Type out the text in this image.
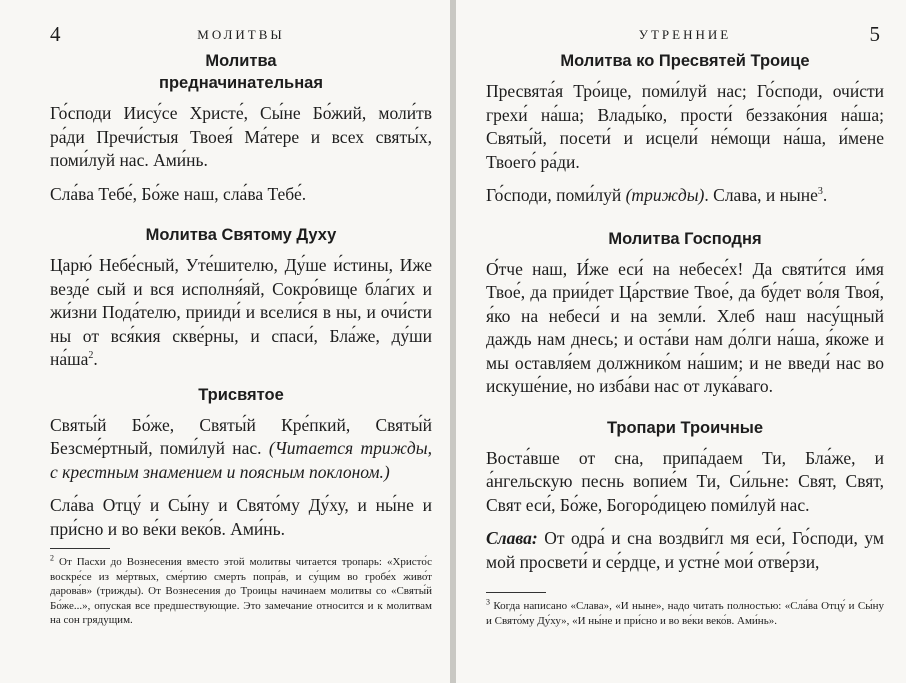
4	МОЛИТВЫ
Молитва
предначинательная

Го́споди Иису́се Христе́, Сы́не Бо́жий, моли́тв ра́ди Пречи́стыя Твоея́ Ма́тере и всех святы́х, поми́луй нас. Ами́нь.

Сла́ва Тебе́, Бо́же наш, сла́ва Тебе́.

Молитва Святому Духу

Царю́ Небе́сный, Уте́шителю, Ду́ше и́стины, Иже везде́ сый и вся исполня́яй, Сокро́вище бла́гих и жи́зни Пода́телю, прииди́ и всели́ся в ны, и очи́сти ны от вся́кия скве́рны, и спаси́, Бла́же, ду́ши $на́ша^2$.

Трисвятое

Святы́й Бо́же, Святы́й Кре́пкий, Святы́й Безсме́ртный, поми́луй нас. (Читается трижды, с крестным знамением и поясным поклоном.)

Сла́ва Отцу́ и Сы́ну и Свято́му Ду́ху, и ны́не и при́сно и во ве́ки веко́в. Ами́нь.

$^2$ От Пасхи до Вознесения вместо этой молитвы читается тропарь: «Христо́с воскре́се из ме́ртвых, сме́ртию смерть попра́в, и су́щим во гробе́х живо́т дарова́в» (трижды). От Вознесения до Троицы начинаем молитвы со «Святы́й Бо́же...», опуская все предшествующие. Это замечание относится и к молитвам на сон грядущим.

УТРЕННИЕ	5
Молитва ко Пресвятей Троице

Пресвята́я Тро́ице, поми́луй нас; Го́споди, очи́сти грехи́ на́ша; Влады́ко, прости́ беззако́ния на́ша; Святы́й, посети́ и исцели́ не́мощи на́ша, и́мене Твоего́ ра́ди.

Го́споди, поми́луй (трижды). Слава, и ныне$^3$.

Молитва Господня

О́тче наш, И́же еси́ на небесе́х! Да святи́тся и́мя Твое́, да прии́дет Ца́рствие Твое́, да бу́дет во́ля Твоя́, я́ко на небеси́ и на земли́. Хлеб наш насу́щный даждь нам днесь; и оста́ви нам до́лги на́ша, я́коже и мы оставля́ем должнико́м на́шим; и не введи́ нас во искуше́ние, но изба́ви нас от лука́ваго.

Тропари Троичные

Воста́вше от сна, припа́даем Ти, Бла́же, и а́нгельскую песнь вопие́м Ти, Си́льне: Свят, Свят, Свят еси́, Бо́же, Богоро́дицею поми́луй нас.

Слава: От одра́ и сна воздви́гл мя еси́, Го́споди, ум мой просвети́ и се́рдце, и устне́ мои́ отве́рзи,

$^3$ Когда написано «Слава», «И ныне», надо читать полностью: «Сла́ва Отцу́ и Сы́ну и Свято́му Ду́ху», «И ны́не и при́сно и во ве́ки веко́в. Ами́нь».
